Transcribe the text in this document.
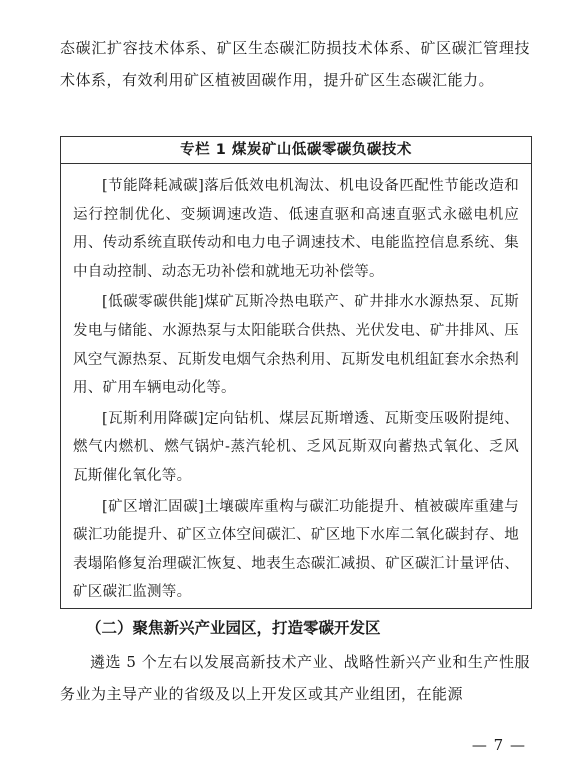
态碳汇扩容技术体系、矿区生态碳汇防损技术体系、矿区碳汇管理技术体系，有效利用矿区植被固碳作用，提升矿区生态碳汇能力。

专栏 1 煤炭矿山低碳零碳负碳技术

[节能降耗减碳]落后低效电机淘汰、机电设备匹配性节能改造和运行控制优化、变频调速改造、低速直驱和高速直驱式永磁电机应用、传动系统直联传动和电力电子调速技术、电能监控信息系统、集中自动控制、动态无功补偿和就地无功补偿等。

[低碳零碳供能]煤矿瓦斯冷热电联产、矿井排水水源热泵、瓦斯发电与储能、水源热泵与太阳能联合供热、光伏发电、矿井排风、压风空气源热泵、瓦斯发电烟气余热利用、瓦斯发电机组缸套水余热利用、矿用车辆电动化等。

[瓦斯利用降碳]定向钻机、煤层瓦斯增透、瓦斯变压吸附提纯、燃气内燃机、燃气锅炉-蒸汽轮机、乏风瓦斯双向蓄热式氧化、乏风瓦斯催化氧化等。

[矿区增汇固碳]土壤碳库重构与碳汇功能提升、植被碳库重建与碳汇功能提升、矿区立体空间碳汇、矿区地下水库二氧化碳封存、地表塌陷修复治理碳汇恢复、地表生态碳汇减损、矿区碳汇计量评估、矿区碳汇监测等。

（二）聚焦新兴产业园区，打造零碳开发区

遴选 5 个左右以发展高新技术产业、战略性新兴产业和生产性服务业为主导产业的省级及以上开发区或其产业组团，在能源

— 7 —
